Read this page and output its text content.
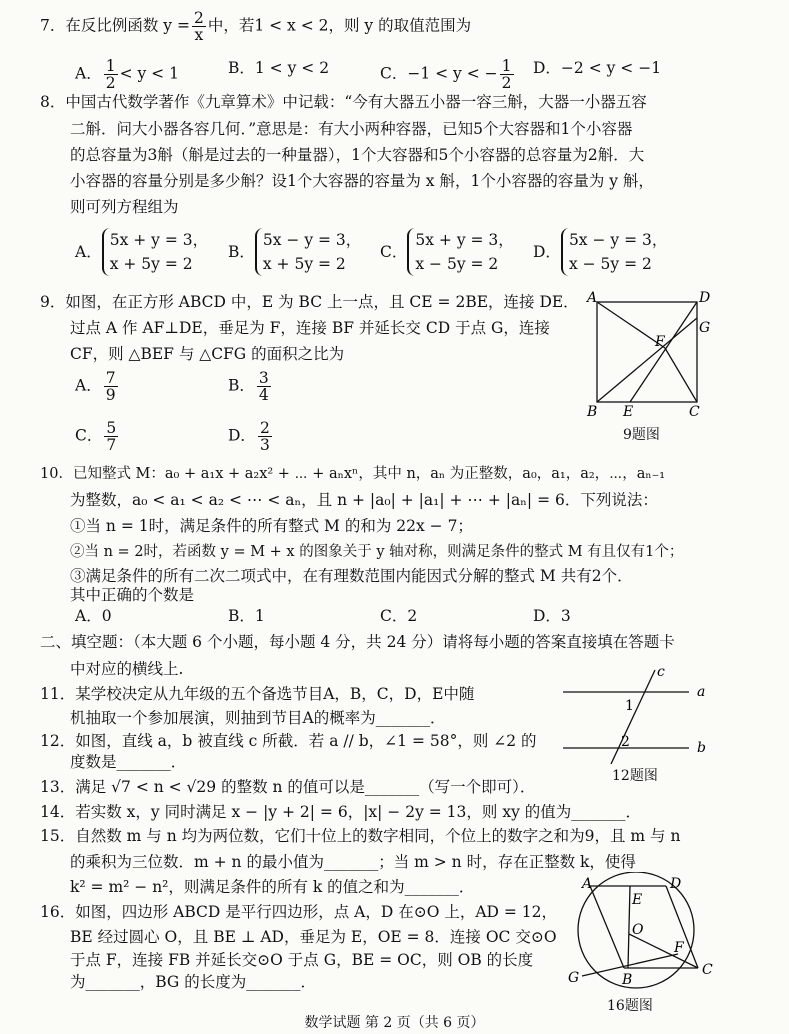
7．在反比例函数 $y = \frac{2}{x}$ 中，若1 < x < 2，则 y 的取值范围为
A． $\frac{1}{2} < y < 1$	B．1 < y < 2	C．−1 < y < − $\frac{1}{2}$ D．−2 < y < −1
8．中国古代数学著作《九章算术》中记载：“今有大器五小器一容三斛，大器一小器五容
二斛．问大小器各容几何．”意思是：有大小两种容器，已知5个大容器和1个小容器
的总容量为3斛（斛是过去的一种量器），1个大容器和5个小容器的总容量为2斛．大
小容器的容量分别是多少斛？设1个大容器的容量为 x 斛，1个小容器的容量为 y 斛，
则可列方程组为
A．5x + y = 3，
x + 5y = 2
B．5x − y = 3，
x + 5y = 2
C．5x + y = 3，
x − 5y = 2
D．5x − y = 3，
x − 5y = 2
9．如图，在正方形 ABCD 中，E 为 BC 上一点，且 CE = 2BE，连接 DE．
过点 A 作 AF⊥DE，垂足为 F，连接 BF 并延长交 CD 于点 G，连接
CF，则 △BEF 与 △CFG 的面积之比为
A． $\frac{7}{9}$	B． $\frac{3}{4}$
C． $\frac{5}{7}$	D． $\frac{2}{3}$
A	D
G
F
B E	C
9题图
10．已知整式 M：a₀ + a₁x + a₂x² + ⋯ + aₙxⁿ，其中 n，aₙ 为正整数，a₀，a₁，a₂，⋯，aₙ₋₁
为整数，a₀ < a₁ < a₂ < ⋯ < aₙ，且 n + |a₀| + |a₁| + ⋯ + |aₙ| = 6．下列说法：
①当 n = 1时，满足条件的所有整式 M 的和为 22x − 7；
②当 n = 2时，若函数 y = M + x 的图象关于 y 轴对称，则满足条件的整式 M 有且仅有1个；
③满足条件的所有二次二项式中，在有理数范围内能因式分解的整式 M 共有2个．
其中正确的个数是
A．0	B．1	C．2	D．3
二、填空题：（本大题 6 个小题，每小题 4 分，共 24 分）请将每小题的答案直接填在答题卡
中对应的横线上.
11．某学校决定从九年级的五个备选节目A，B，C，D，E中随
机抽取一个参加展演，则抽到节目A的概率为_______．
12．如图，直线 a，b 被直线 c 所截．若 a // b，∠1 = 58°，则 ∠2 的
度数是_______．
a
b
c
1
2
12题图
13．满足 √7 < n < √29 的整数 n 的值可以是_______（写一个即可）．
14．若实数 x，y 同时满足 x − |y + 2| = 6，|x| − 2y = 13，则 xy 的值为_______．
15．自然数 m 与 n 均为两位数，它们十位上的数字相同，个位上的数字之和为9，且 m 与 n
的乘积为三位数．m + n 的最小值为_______；当 m > n 时，存在正整数 k，使得
k² = m² − n²，则满足条件的所有 k 的值之和为_______．
16．如图，四边形 ABCD 是平行四边形，点 A，D 在⊙O 上，AD = 12，
BE 经过圆心 O，且 BE ⊥ AD，垂足为 E，OE = 8．连接 OC 交⊙O
于点 F，连接 FB 并延长交⊙O 于点 G，BE = OC，则 OB 的长度
为_______，BG 的长度为_______．
A	D
E
O
F
G	B
C
16题图
数学试题 第 2 页（共 6 页）
